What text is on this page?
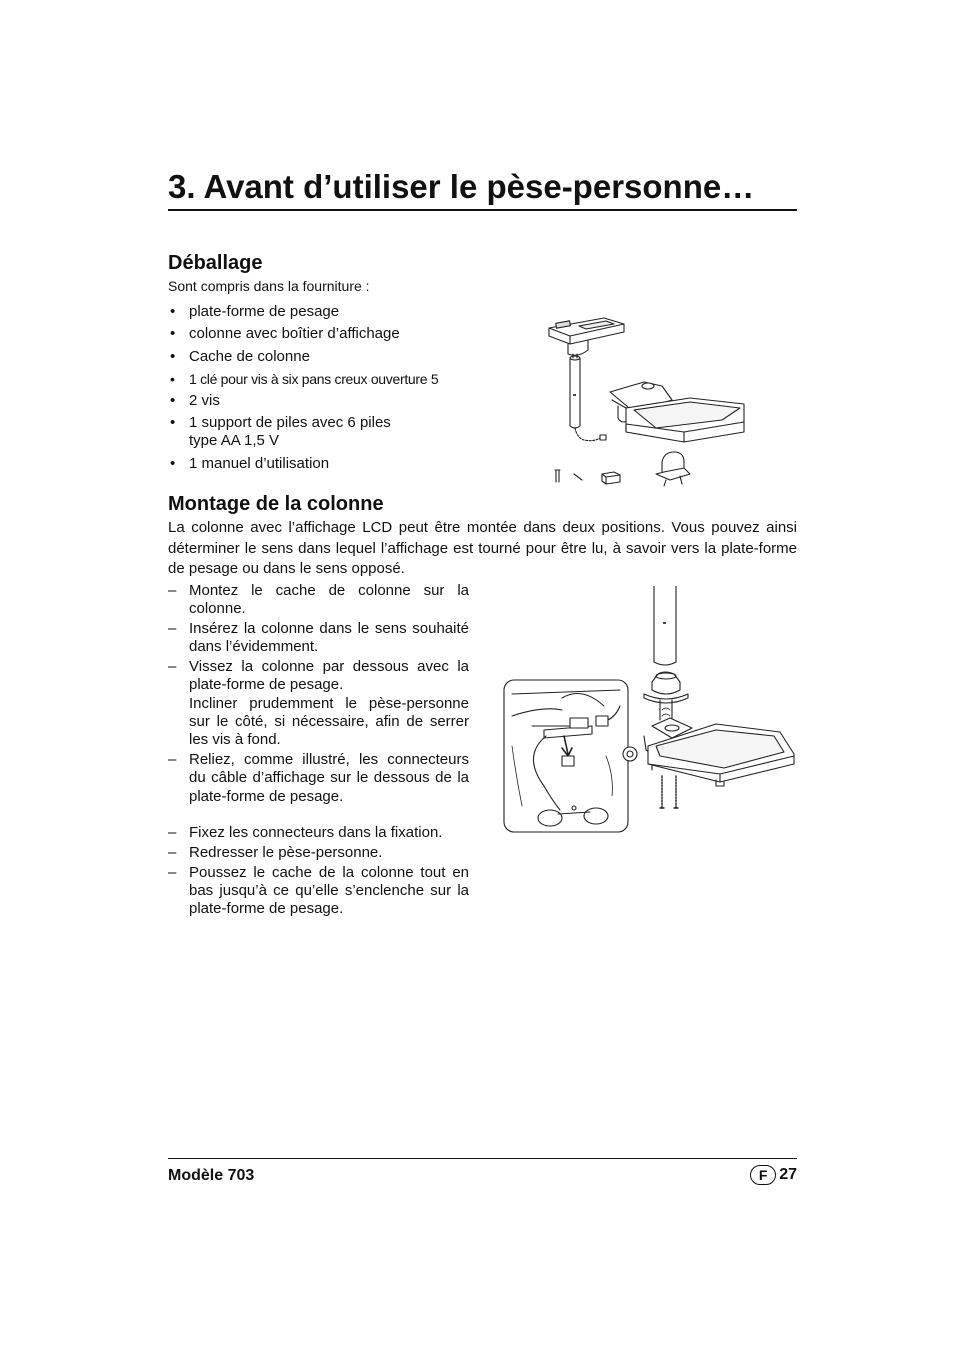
3. Avant d’utiliser le pèse-personne…
Déballage
Sont compris dans la fourniture :
• plate-forme de pesage
• colonne avec boîtier d’affichage
• Cache de colonne
• 1 clé pour vis à six pans creux ouverture 5
• 2 vis
• 1 support de piles avec 6 piles
type AA 1,5 V
• 1 manuel d’utilisation
Montage de la colonne

La colonne avec l’affichage LCD peut être montée dans deux positions. Vous pouvez ainsi déterminer le sens dans lequel l’affichage est tourné pour être lu, à savoir vers la plate-forme de pesage ou dans le sens opposé.

– Montez le cache de colonne sur la colonne.
– Insérez la colonne dans le sens souhaité dans l’évidemment.
– Vissez la colonne par dessous avec la plate-forme de pesage.
Incliner prudemment le pèse-personne sur le côté, si nécessaire, afin de serrer les vis à fond.
– Reliez, comme illustré, les connecteurs du câble d’affichage sur le dessous de la plate-forme de pesage.
– Fixez les connecteurs dans la fixation.
– Redresser le pèse-personne.
– Poussez le cache de la colonne tout en bas jusqu’à ce qu’elle s’enclenche sur la plate-forme de pesage.
Modèle 703	F 27
